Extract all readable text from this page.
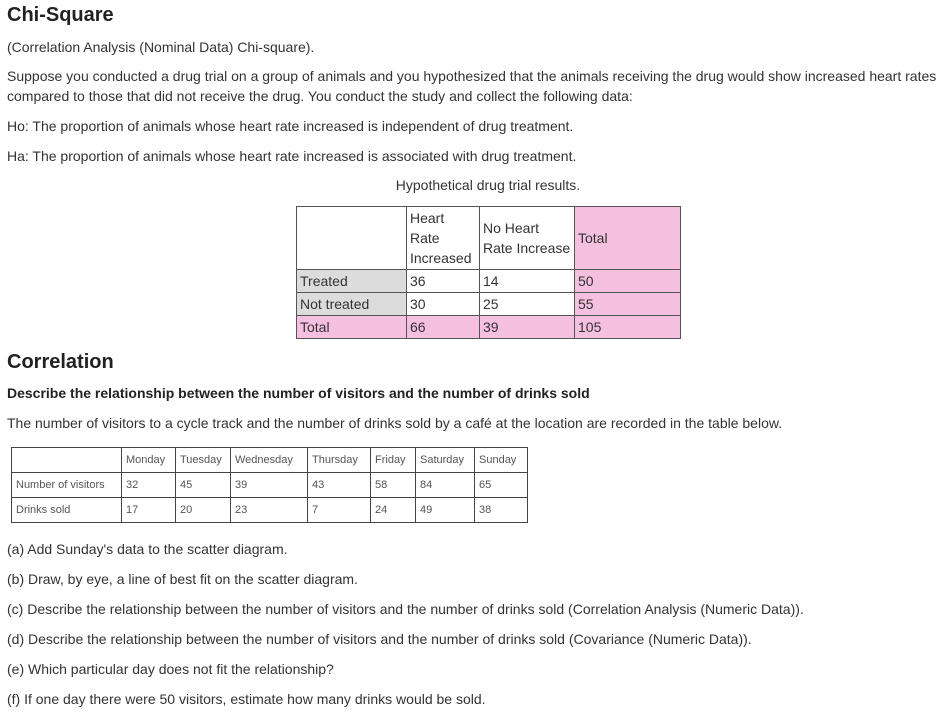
Chi-Square

(Correlation Analysis (Nominal Data) Chi-square).

Suppose you conducted a drug trial on a group of animals and you hypothesized that the animals receiving the drug would show increased heart rates compared to those that did not receive the drug. You conduct the study and collect the following data:

Ho: The proportion of animals whose heart rate increased is independent of drug treatment.

Ha: The proportion of animals whose heart rate increased is associated with drug treatment.

Hypothetical drug trial results.
	Heart Rate Increased	No Heart Rate Increase	Total
Treated	36	14	50
Not treated	30	25	55
Total	66	39	105
Correlation

Describe the relationship between the number of visitors and the number of drinks sold

The number of visitors to a cycle track and the number of drinks sold by a café at the location are recorded in the table below.

	Monday	Tuesday	Wednesday	Thursday	Friday	Saturday	Sunday
Number of visitors	32	45	39	43	58	84	65
Drinks sold	17	20	23	7	24	49	38

(a) Add Sunday's data to the scatter diagram.

(b) Draw, by eye, a line of best fit on the scatter diagram.

(c) Describe the relationship between the number of visitors and the number of drinks sold (Correlation Analysis (Numeric Data)).

(d) Describe the relationship between the number of visitors and the number of drinks sold (Covariance (Numeric Data)).

(e) Which particular day does not fit the relationship?

(f) If one day there were 50 visitors, estimate how many drinks would be sold.
